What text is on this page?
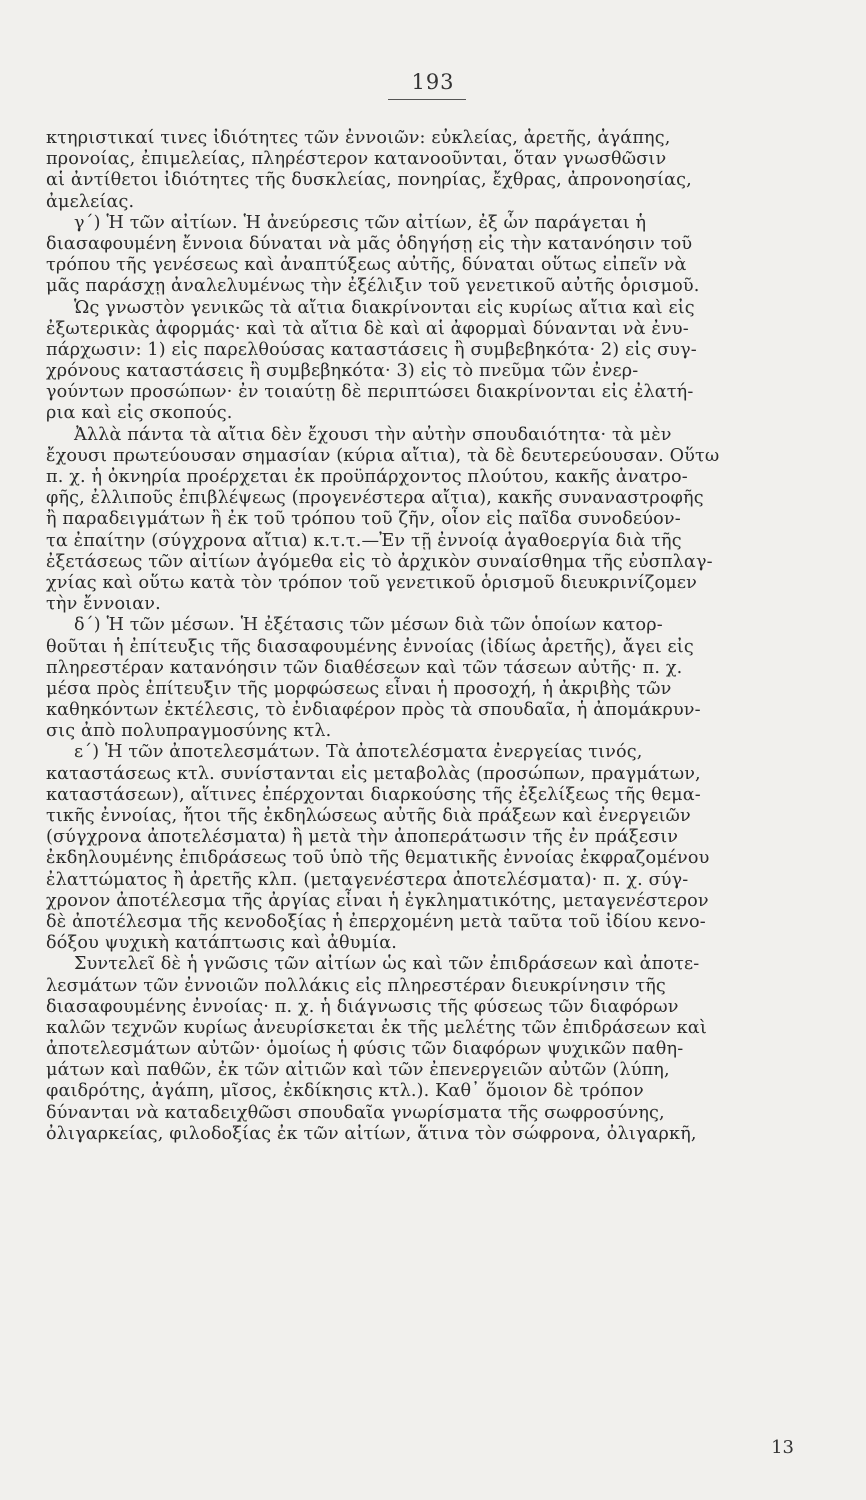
193
κτηριστικαί τινες ἰδιότητες τῶν ἐννοιῶν: εὐκλείας, ἀρετῆς, ἀγάπης,
προνοίας, ἐπιμελείας, πληρέστερον κατανοοῦνται, ὅταν γνωσθῶσιν
αἱ ἀντίθετοι ἰδιότητες τῆς δυσκλείας, πονηρίας, ἔχθρας, ἀπρονοησίας,
ἀμελείας.
γ´) Ἡ τῶν αἰτίων. Ἡ ἀνεύρεσις τῶν αἰτίων, ἐξ ὧν παράγεται ἡ
διασαφουμένη ἔννοια δύναται νὰ μᾶς ὁδηγήσῃ εἰς τὴν κατανόησιν τοῦ
τρόπου τῆς γενέσεως καὶ ἀναπτύξεως αὐτῆς, δύναται οὕτως εἰπεῖν νὰ
μᾶς παράσχῃ ἀναλελυμένως τὴν ἐξέλιξιν τοῦ γενετικοῦ αὐτῆς ὁρισμοῦ.
Ὡς γνωστὸν γενικῶς τὰ αἴτια διακρίνονται εἰς κυρίως αἴτια καὶ εἰς
ἐξωτερικὰς ἀφορμάς· καὶ τὰ αἴτια δὲ καὶ αἱ ἀφορμαὶ δύνανται νὰ ἐνυ-
πάρχωσιν: 1) εἰς παρελθούσας καταστάσεις ἢ συμβεβηκότα· 2) εἰς συγ-
χρόνους καταστάσεις ἢ συμβεβηκότα· 3) εἰς τὸ πνεῦμα τῶν ἐνερ-
γούντων προσώπων· ἐν τοιαύτῃ δὲ περιπτώσει διακρίνονται εἰς ἐλατή-
ρια καὶ εἰς σκοπούς.
Ἀλλὰ πάντα τὰ αἴτια δὲν ἔχουσι τὴν αὐτὴν σπουδαιότητα· τὰ μὲν
ἔχουσι πρωτεύουσαν σημασίαν (κύρια αἴτια), τὰ δὲ δευτερεύουσαν. Οὕτω
π. χ. ἡ ὀκνηρία προέρχεται ἐκ προϋπάρχοντος πλούτου, κακῆς ἀνατρο-
φῆς, ἐλλιποῦς ἐπιβλέψεως (προγενέστερα αἴτια), κακῆς συναναστροφῆς
ἢ παραδειγμάτων ἢ ἐκ τοῦ τρόπου τοῦ ζῆν, οἷον εἰς παῖδα συνοδεύον-
τα ἐπαίτην (σύγχρονα αἴτια) κ.τ.τ.—Ἐν τῇ ἐννοίᾳ ἀγαθοεργία διὰ τῆς
ἐξετάσεως τῶν αἰτίων ἀγόμεθα εἰς τὸ ἀρχικὸν συναίσθημα τῆς εὐσπλαγ-
χνίας καὶ οὕτω κατὰ τὸν τρόπον τοῦ γενετικοῦ ὁρισμοῦ διευκρινίζομεν
τὴν ἔννοιαν.
δ´) Ἡ τῶν μέσων. Ἡ ἐξέτασις τῶν μέσων διὰ τῶν ὁποίων κατορ-
θοῦται ἡ ἐπίτευξις τῆς διασαφουμένης ἐννοίας (ἰδίως ἀρετῆς), ἄγει εἰς
πληρεστέραν κατανόησιν τῶν διαθέσεων καὶ τῶν τάσεων αὐτῆς· π. χ.
μέσα πρὸς ἐπίτευξιν τῆς μορφώσεως εἶναι ἡ προσοχή, ἡ ἀκριβὴς τῶν
καθηκόντων ἐκτέλεσις, τὸ ἐνδιαφέρον πρὸς τὰ σπουδαῖα, ἡ ἀπομάκρυν-
σις ἀπὸ πολυπραγμοσύνης κτλ.
ε´) Ἡ τῶν ἀποτελεσμάτων. Τὰ ἀποτελέσματα ἐνεργείας τινός,
καταστάσεως κτλ. συνίστανται εἰς μεταβολὰς (προσώπων, πραγμάτων,
καταστάσεων), αἵτινες ἐπέρχονται διαρκούσης τῆς ἐξελίξεως τῆς θεμα-
τικῆς ἐννοίας, ἤτοι τῆς ἐκδηλώσεως αὐτῆς διὰ πράξεων καὶ ἐνεργειῶν
(σύγχρονα ἀποτελέσματα) ἢ μετὰ τὴν ἀποπεράτωσιν τῆς ἐν πράξεσιν
ἐκδηλουμένης ἐπιδράσεως τοῦ ὑπὸ τῆς θεματικῆς ἐννοίας ἐκφραζομένου
ἐλαττώματος ἢ ἀρετῆς κλπ. (μεταγενέστερα ἀποτελέσματα)· π. χ. σύγ-
χρονον ἀποτέλεσμα τῆς ἀργίας εἶναι ἡ ἐγκληματικότης, μεταγενέστερον
δὲ ἀποτέλεσμα τῆς κενοδοξίας ἡ ἐπερχομένη μετὰ ταῦτα τοῦ ἰδίου κενο-
δόξου ψυχικὴ κατάπτωσις καὶ ἀθυμία.
Συντελεῖ δὲ ἡ γνῶσις τῶν αἰτίων ὡς καὶ τῶν ἐπιδράσεων καὶ ἀποτε-
λεσμάτων τῶν ἐννοιῶν πολλάκις εἰς πληρεστέραν διευκρίνησιν τῆς
διασαφουμένης ἐννοίας· π. χ. ἡ διάγνωσις τῆς φύσεως τῶν διαφόρων
καλῶν τεχνῶν κυρίως ἀνευρίσκεται ἐκ τῆς μελέτης τῶν ἐπιδράσεων καὶ
ἀποτελεσμάτων αὐτῶν· ὁμοίως ἡ φύσις τῶν διαφόρων ψυχικῶν παθη-
μάτων καὶ παθῶν, ἐκ τῶν αἰτιῶν καὶ τῶν ἐπενεργειῶν αὐτῶν (λύπη,
φαιδρότης, ἀγάπη, μῖσος, ἐκδίκησις κτλ.). Καθ᾽ ὅμοιον δὲ τρόπον
δύνανται νὰ καταδειχθῶσι σπουδαῖα γνωρίσματα τῆς σωφροσύνης,
ὀλιγαρκείας, φιλοδοξίας ἐκ τῶν αἰτίων, ἅτινα τὸν σώφρονα, ὀλιγαρκῆ,
13
